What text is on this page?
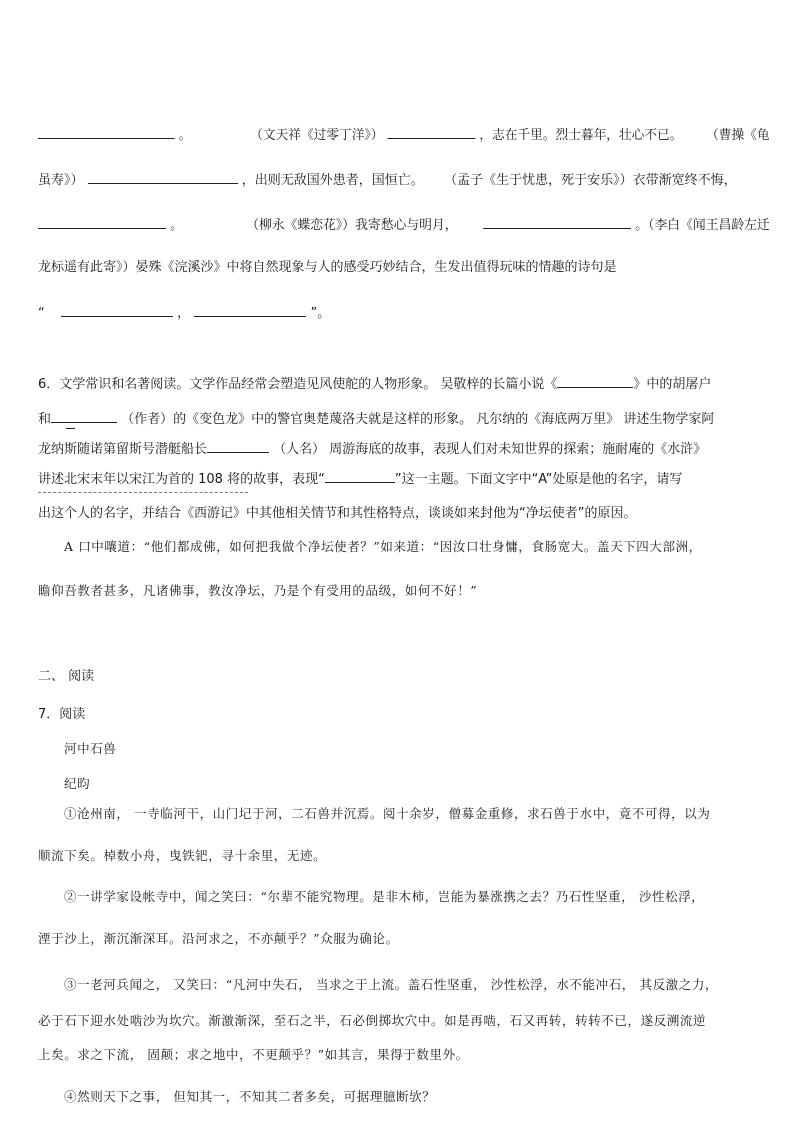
。	（文天祥《过零丁洋》）	，志在千里。烈士暮年，壮心不已。 （曹操《龟
虽寿》）	，出则无敌国外患者，国恒亡。 （孟子《生于忧患，死于安乐》）衣带渐宽终不悔，
。	（柳永《蝶恋花》）我寄愁心与明月，	。（李白《闻王昌龄左迁
龙标遥有此寄》）晏殊《浣溪沙》中将自然现象与人的感受巧妙结合，生发出值得玩味的情趣的诗句是
“	，	”。
6．文学常识和名著阅读。文学作品经常会塑造见风使舵的人物形象。 吴敬梓的长篇小说《	》中的胡屠户
和	（作者）的《变色龙》中的警官奥楚蔑洛夫就是这样的形象。 凡尔纳的《海底两万里》 讲述生物学家阿
龙纳斯随诺第留斯号潜艇船长	（人名） 周游海底的故事，表现人们对未知世界的探索；施耐庵的《水浒》
讲述北宋末年以宋江为首的 108 将的故事，表现“	”这一主题。下面文字中“A”处原是他的名字，请写
出这个人的名字，并结合《西游记》中其他相关情节和其性格特点，谈谈如来封他为“净坛使者”的原因。
A 口中嚷道：“他们都成佛，如何把我做个净坛使者？”如来道：“因汝口壮身慵，食肠宽大。盖天下四大部洲，
瞻仰吾教者甚多，凡诸佛事，教汝净坛，乃是个有受用的品级，如何不好！”
二、 阅读
7．阅读
河中石兽
纪昀
①沧州南， 一寺临河干，山门圮于河，二石兽并沉焉。阅十余岁，僧募金重修，求石兽于水中，竟不可得，以为
顺流下矣。棹数小舟，曳铁钯，寻十余里，无迹。
②一讲学家设帐寺中，闻之笑曰：“尔辈不能究物理。是非木柿，岂能为暴涨携之去？乃石性坚重， 沙性松浮，
湮于沙上，渐沉渐深耳。沿河求之，不亦颠乎？”众服为确论。
③一老河兵闻之， 又笑曰：“凡河中失石， 当求之于上流。盖石性坚重， 沙性松浮，水不能冲石， 其反激之力，
必于石下迎水处啮沙为坎穴。渐激渐深，至石之半，石必倒掷坎穴中。如是再啮，石又再转，转转不已，遂反溯流逆
上矣。求之下流， 固颠；求之地中，不更颠乎？”如其言，果得于数里外。
④然则天下之事， 但知其一，不知其二者多矣，可据理臆断欤？
